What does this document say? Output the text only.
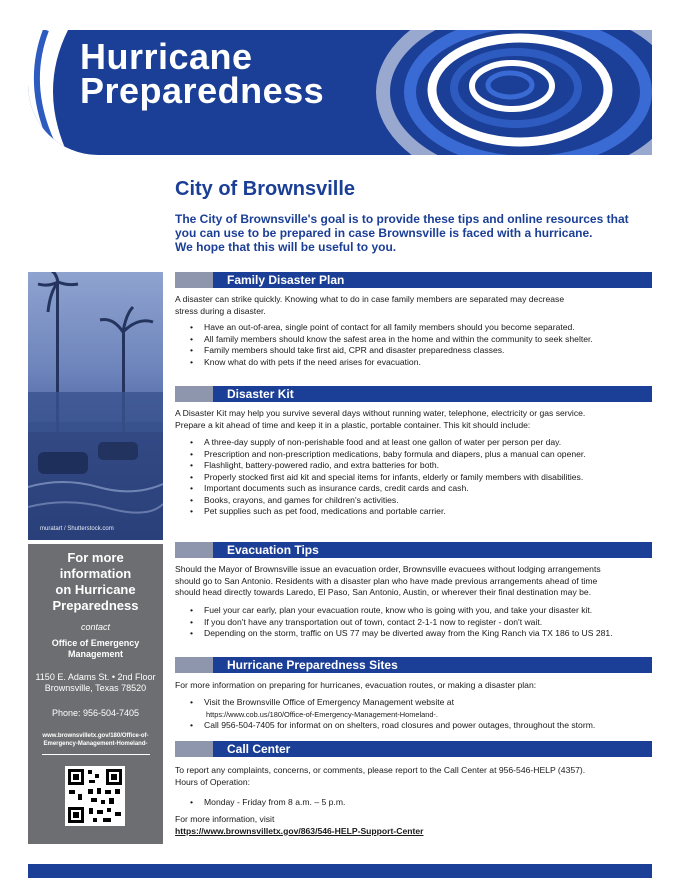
Hurricane
Preparedness
City of Brownsville
The City of Brownsville's goal is to provide these tips and online resources that
you can use to be prepared in case Brownsville is faced with a hurricane.
We hope that this will be useful to you.
muratart / Shutterstock.com
For more
information
on Hurricane
Preparedness
contact
Office of Emergency
Management
1150 E. Adams St. • 2nd Floor
Brownsville, Texas 78520
Phone: 956-504-7405
www.brownsvilletx.gov/180/Office-of-
Emergency-Management-Homeland-
Family Disaster Plan
A disaster can strike quickly. Knowing what to do in case family members are separated may decrease
stress during a disaster.
• Have an out-of-area, single point of contact for all family members should you become separated.
• All family members should know the safest area in the home and within the community to seek shelter.
• Family members should take first aid, CPR and disaster preparedness classes.
• Know what do with pets if the need arises for evacuation.
Disaster Kit
A Disaster Kit may help you survive several days without running water, telephone, electricity or gas service.
Prepare a kit ahead of time and keep it in a plastic, portable container. This kit should include:
• A three-day supply of non-perishable food and at least one gallon of water per person per day.
• Prescription and non-prescription medications, baby formula and diapers, plus a manual can opener.
• Flashlight, battery-powered radio, and extra batteries for both.
• Properly stocked first aid kit and special items for infants, elderly or family members with disabilities.
• Important documents such as insurance cards, credit cards and cash.
• Books, crayons, and games for children's activities.
• Pet supplies such as pet food, medications and portable carrier.
Evacuation Tips
Should the Mayor of Brownsville issue an evacuation order, Brownsville evacuees without lodging arrangements
should go to San Antonio. Residents with a disaster plan who have made previous arrangements ahead of time
should head directly towards Laredo, El Paso, San Antonio, Austin, or wherever their final destination may be.
• Fuel your car early, plan your evacuation route, know who is going with you, and take your disaster kit.
• If you don't have any transportation out of town, contact 2-1-1 now to register - don't wait.
• Depending on the storm, traffic on US 77 may be diverted away from the King Ranch via TX 186 to US 281.
Hurricane Preparedness Sites
For more information on preparing for hurricanes, evacuation routes, or making a disaster plan:
• Visit the Brownsville Office of Emergency Management website at
https://www.cob.us/180/Office-of-Emergency-Management-Homeland-.
• Call 956-504-7405 for informat on on shelters, road closures and power outages, throughout the storm.
Call Center
To report any complaints, concerns, or comments, please report to the Call Center at 956-546-HELP (4357).
Hours of Operation:
• Monday - Friday from 8 a.m. – 5 p.m.
For more information, visit
https://www.brownsvilletx.gov/863/546-HELP-Support-Center
